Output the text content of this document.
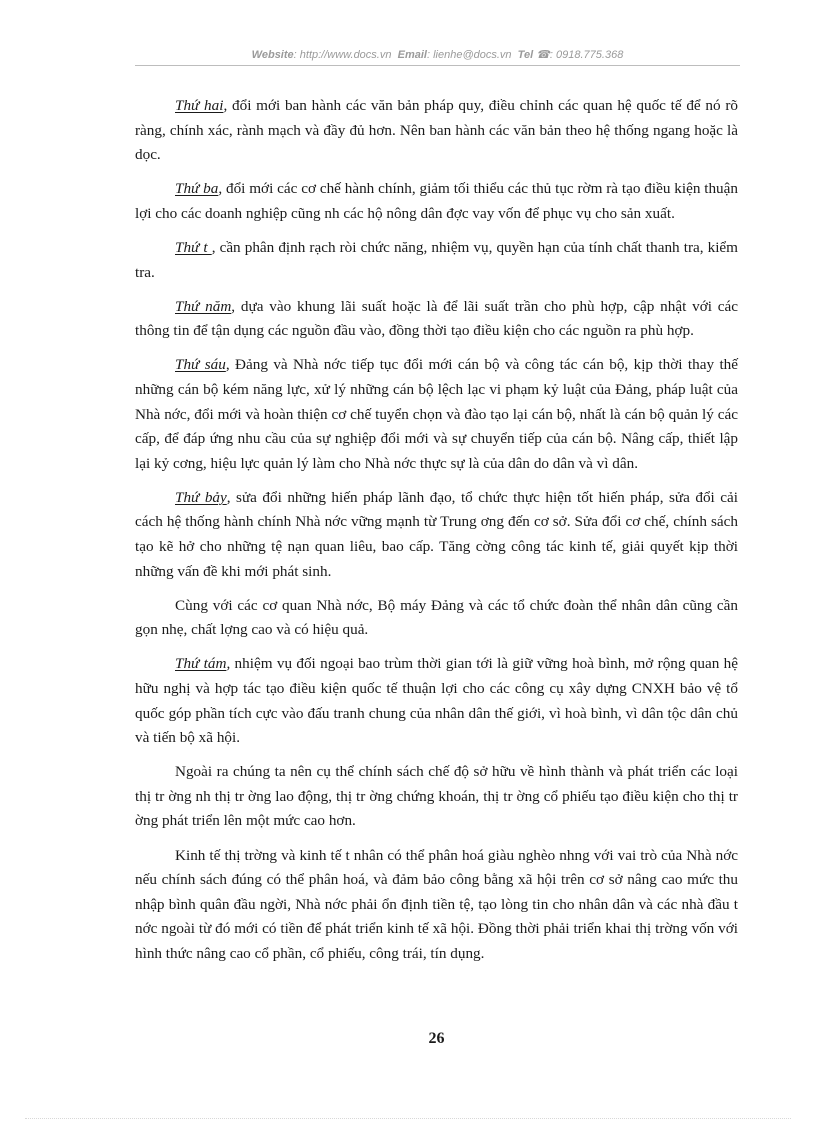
Website: http://www.docs.vn Email: lienhe@docs.vn Tel ☎: 0918.775.368

Thứ hai, đổi mới ban hành các văn bản pháp quy, điều chỉnh các quan hệ quốc tế để nó rõ ràng, chính xác, rành mạch và đầy đủ hơn. Nên ban hành các văn bản theo hệ thống ngang hoặc là dọc.

Thứ ba, đổi mới các cơ chế hành chính, giảm tối thiểu các thủ tục rờm rà tạo điều kiện thuận lợi cho các doanh nghiệp cũng nh các hộ nông dân đợc vay vốn để phục vụ cho sản xuất.

Thứ t , cần phân định rạch ròi chức năng, nhiệm vụ, quyền hạn của tính chất thanh tra, kiểm tra.

Thứ năm, dựa vào khung lãi suất hoặc là để lãi suất trần cho phù hợp, cập nhật với các thông tin để tận dụng các nguồn đầu vào, đồng thời tạo điều kiện cho các nguồn ra phù hợp.

Thứ sáu, Đảng và Nhà nớc tiếp tục đổi mới cán bộ và công tác cán bộ, kịp thời thay thế những cán bộ kém năng lực, xử lý những cán bộ lệch lạc vi phạm kỷ luật của Đảng, pháp luật của Nhà nớc, đổi mới và hoàn thiện cơ chế tuyển chọn và đào tạo lại cán bộ, nhất là cán bộ quản lý các cấp, để đáp ứng nhu cầu của sự nghiệp đổi mới và sự chuyển tiếp của cán bộ. Nâng cấp, thiết lập lại kỷ cơng, hiệu lực quản lý làm cho Nhà nớc thực sự là của dân do dân và vì dân.

Thứ bảy, sửa đổi những hiến pháp lãnh đạo, tổ chức thực hiện tốt hiến pháp, sửa đổi cải cách hệ thống hành chính Nhà nớc vững mạnh từ Trung ơng đến cơ sở. Sửa đổi cơ chế, chính sách tạo kẽ hở cho những tệ nạn quan liêu, bao cấp. Tăng cờng công tác kinh tế, giải quyết kịp thời những vấn đề khi mới phát sinh.

Cùng với các cơ quan Nhà nớc, Bộ máy Đảng và các tổ chức đoàn thể nhân dân cũng cần gọn nhẹ, chất lợng cao và có hiệu quả.

Thứ tám, nhiệm vụ đối ngoại bao trùm thời gian tới là giữ vững hoà bình, mở rộng quan hệ hữu nghị và hợp tác tạo điều kiện quốc tế thuận lợi cho các công cụ xây dựng CNXH bảo vệ tổ quốc góp phần tích cực vào đấu tranh chung của nhân dân thế giới, vì hoà bình, vì dân tộc dân chủ và tiến bộ xã hội.

Ngoài ra chúng ta nên cụ thể chính sách chế độ sở hữu về hình thành và phát triển các loại thị tr ờng nh thị tr ờng lao động, thị tr ờng chứng khoán, thị tr ờng cổ phiếu tạo điều kiện cho thị tr ờng phát triển lên một mức cao hơn.

Kinh tế thị trờng và kinh tế t nhân có thể phân hoá giàu nghèo nhng với vai trò của Nhà nớc nếu chính sách đúng có thể phân hoá, và đảm bảo công bằng xã hội trên cơ sở nâng cao mức thu nhập bình quân đầu ngời, Nhà nớc phải ổn định tiền tệ, tạo lòng tin cho nhân dân và các nhà đầu t nớc ngoài từ đó mới có tiền để phát triển kinh tế xã hội. Đồng thời phải triển khai thị trờng vốn với hình thức nâng cao cổ phần, cổ phiếu, công trái, tín dụng.

26
